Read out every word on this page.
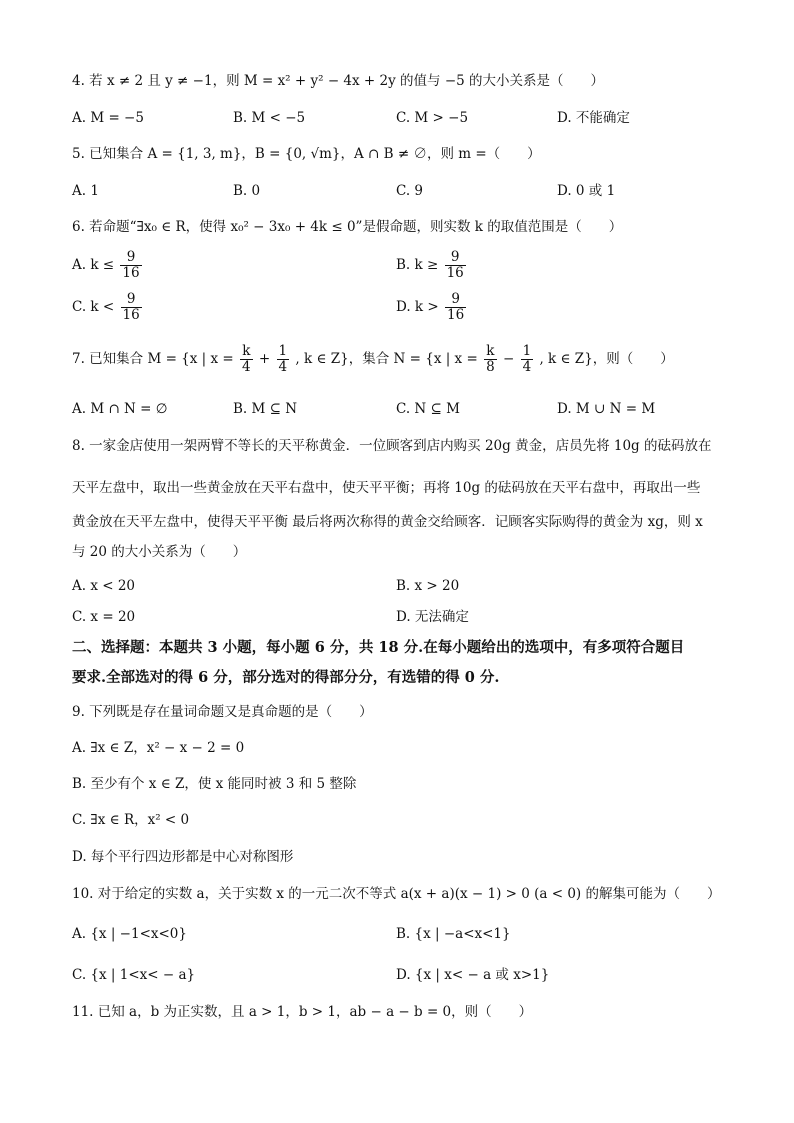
4. 若 x ≠ 2 且 y ≠ −1，则 M = x² + y² − 4x + 2y 的值与 −5 的大小关系是（　　）
A. M = −5	B. M < −5	C. M > −5	D. 不能确定
5. 已知集合 A = {1, 3, m}，B = {0, √m}，A ∩ B ≠ ∅，则 m =（　　）
A. 1	B. 0	C. 9	D. 0 或 1
6. 若命题“∃x₀ ∈ R，使得 x₀² − 3x₀ + 4k ≤ 0”是假命题，则实数 k 的取值范围是（　　）
A. $k \le \frac{9}{16}$	B. $k \ge \frac{9}{16}$
C. $k < \frac{9}{16}$	D. $k > \frac{9}{16}$
7. 已知集合 M = {x | $x = \frac{k}{4} + \frac{1}{4}$ , k ∈ Z}，集合 N = {x | $x = \frac{k}{8} - \frac{1}{4}$ , k ∈ Z}，则（　　）
A. M ∩ N = ∅	B. M ⊆ N	C. N ⊆ M	D. M ∪ N = M
8. 一家金店使用一架两臂不等长的天平称黄金．一位顾客到店内购买 20g 黄金，店员先将 10g 的砝码放在
天平左盘中，取出一些黄金放在天平右盘中，使天平平衡；再将 10g 的砝码放在天平右盘中，再取出一些
黄金放在天平左盘中，使得天平平衡 最后将两次称得的黄金交给顾客．记顾客实际购得的黄金为 xg，则 x
与 20 的大小关系为（　　）
A. x < 20	B. x > 20
C. x = 20	D. 无法确定
二、选择题：本题共 3 小题，每小题 6 分，共 18 分.在每小题给出的选项中，有多项符合题目
要求.全部选对的得 6 分，部分选对的得部分分，有选错的得 0 分.
9. 下列既是存在量词命题又是真命题的是（　　）
A. ∃x ∈ Z，x² − x − 2 = 0
B. 至少有个 x ∈ Z，使 x 能同时被 3 和 5 整除
C. ∃x ∈ R，x² < 0
D. 每个平行四边形都是中心对称图形
10. 对于给定的实数 a，关于实数 x 的一元二次不等式 a(x + a)(x − 1) > 0 (a < 0) 的解集可能为（　　）
A. {x | −1<x<0}	B. {x | −a<x<1}
C. {x | 1<x< − a}	D. {x | x< − a 或 x>1}
11. 已知 a，b 为正实数，且 a > 1，b > 1，ab − a − b = 0，则（　　）
